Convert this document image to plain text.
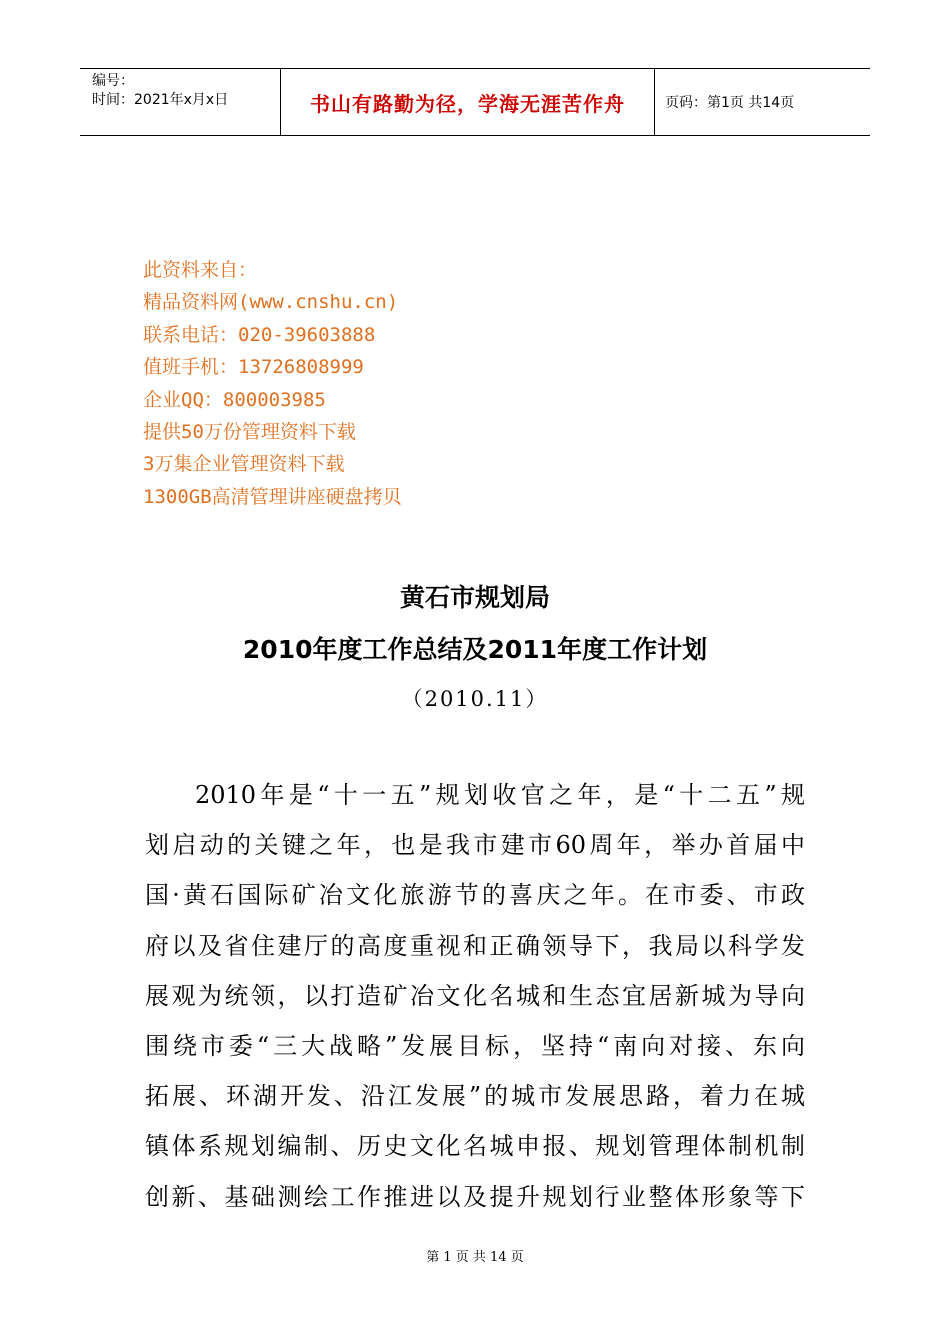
编号：
时间：2021年x月x日	书山有路勤为径，学海无涯苦作舟	页码：第1页 共14页
此资料来自：
精品资料网(www.cnshu.cn)
联系电话：020-39603888
值班手机：13726808999
企业QQ：800003985
提供50万份管理资料下载
3万集企业管理资料下载
1300GB高清管理讲座硬盘拷贝
黄石市规划局
2010年度工作总结及2011年度工作计划
（2010.11）
2010年是“十一五”规划收官之年，是“十二五”规
划启动的关键之年，也是我市建市60周年，举办首届中
国·黄石国际矿冶文化旅游节的喜庆之年。在市委、市政
府以及省住建厅的高度重视和正确领导下，我局以科学发
展观为统领，以打造矿冶文化名城和生态宜居新城为导向
围绕市委“三大战略”发展目标，坚持“南向对接、东向
拓展、环湖开发、沿江发展”的城市发展思路，着力在城
镇体系规划编制、历史文化名城申报、规划管理体制机制
创新、基础测绘工作推进以及提升规划行业整体形象等下
第 1 页 共 14 页
